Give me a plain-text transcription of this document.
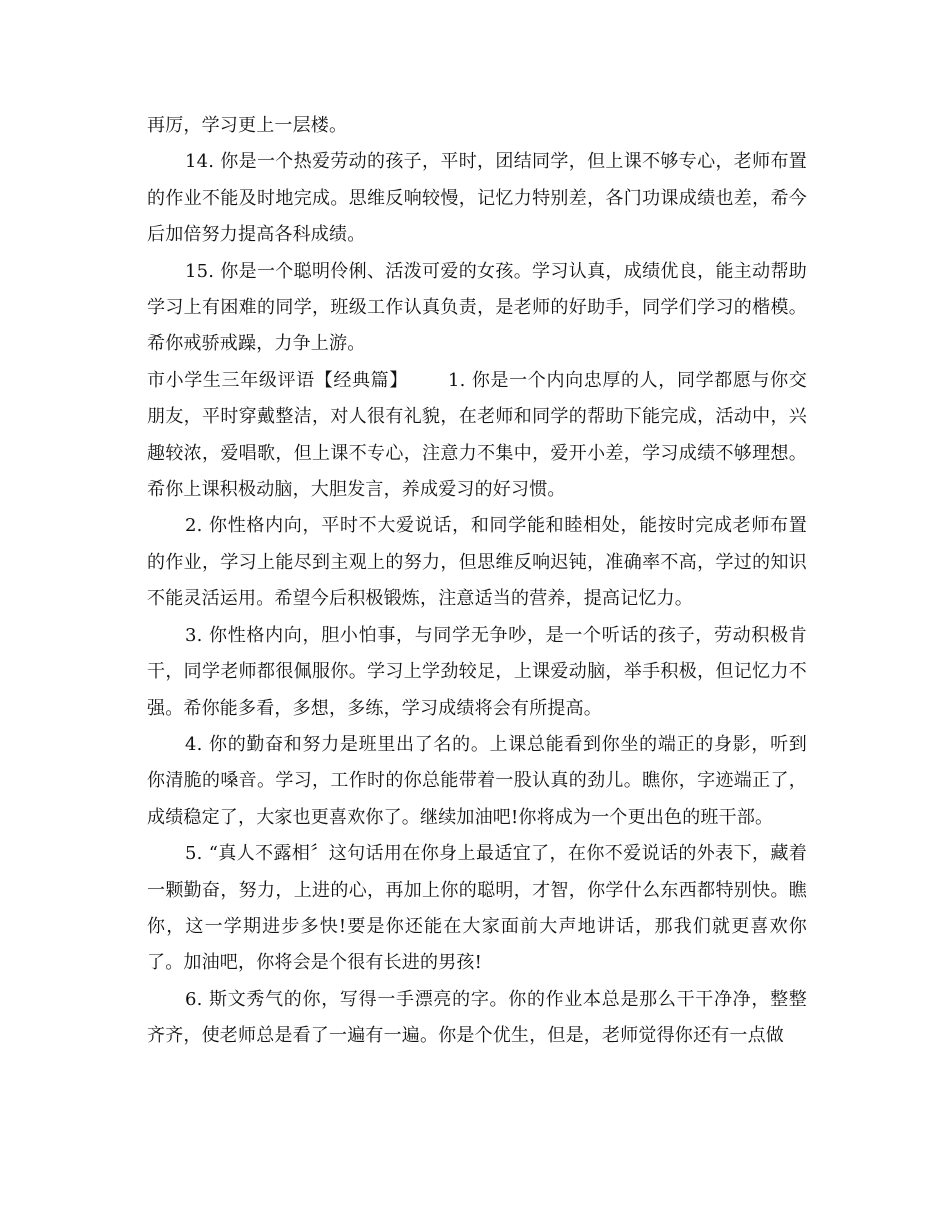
再厉，学习更上一层楼。

14. 你是一个热爱劳动的孩子，平时，团结同学，但上课不够专心，老师布置的作业不能及时地完成。思维反响较慢，记忆力特别差，各门功课成绩也差，希今后加倍努力提高各科成绩。

15. 你是一个聪明伶俐、活泼可爱的女孩。学习认真，成绩优良，能主动帮助学习上有困难的同学，班级工作认真负责，是老师的好助手，同学们学习的楷模。希你戒骄戒躁，力争上游。

市小学生三年级评语【经典篇】 1. 你是一个内向忠厚的人，同学都愿与你交朋友，平时穿戴整洁，对人很有礼貌，在老师和同学的帮助下能完成，活动中，兴趣较浓，爱唱歌，但上课不专心，注意力不集中，爱开小差，学习成绩不够理想。希你上课积极动脑，大胆发言，养成爱习的好习惯。

2. 你性格内向，平时不大爱说话，和同学能和睦相处，能按时完成老师布置的作业，学习上能尽到主观上的努力，但思维反响迟钝，准确率不高，学过的知识不能灵活运用。希望今后积极锻炼，注意适当的营养，提高记忆力。

3. 你性格内向，胆小怕事，与同学无争吵，是一个听话的孩子，劳动积极肯干，同学老师都很佩服你。学习上学劲较足，上课爱动脑，举手积极，但记忆力不强。希你能多看，多想，多练，学习成绩将会有所提高。

4. 你的勤奋和努力是班里出了名的。上课总能看到你坐的端正的身影，听到你清脆的嗓音。学习，工作时的你总能带着一股认真的劲儿。瞧你，字迹端正了，成绩稳定了，大家也更喜欢你了。继续加油吧!你将成为一个更出色的班干部。

5. “真人不露相〞这句话用在你身上最适宜了，在你不爱说话的外表下，藏着一颗勤奋，努力，上进的心，再加上你的聪明，才智，你学什么东西都特别快。瞧你，这一学期进步多快!要是你还能在大家面前大声地讲话，那我们就更喜欢你了。加油吧，你将会是个很有长进的男孩!

6. 斯文秀气的你，写得一手漂亮的字。你的作业本总是那么干干净净，整整齐齐，使老师总是看了一遍有一遍。你是个优生，但是，老师觉得你还有一点做
